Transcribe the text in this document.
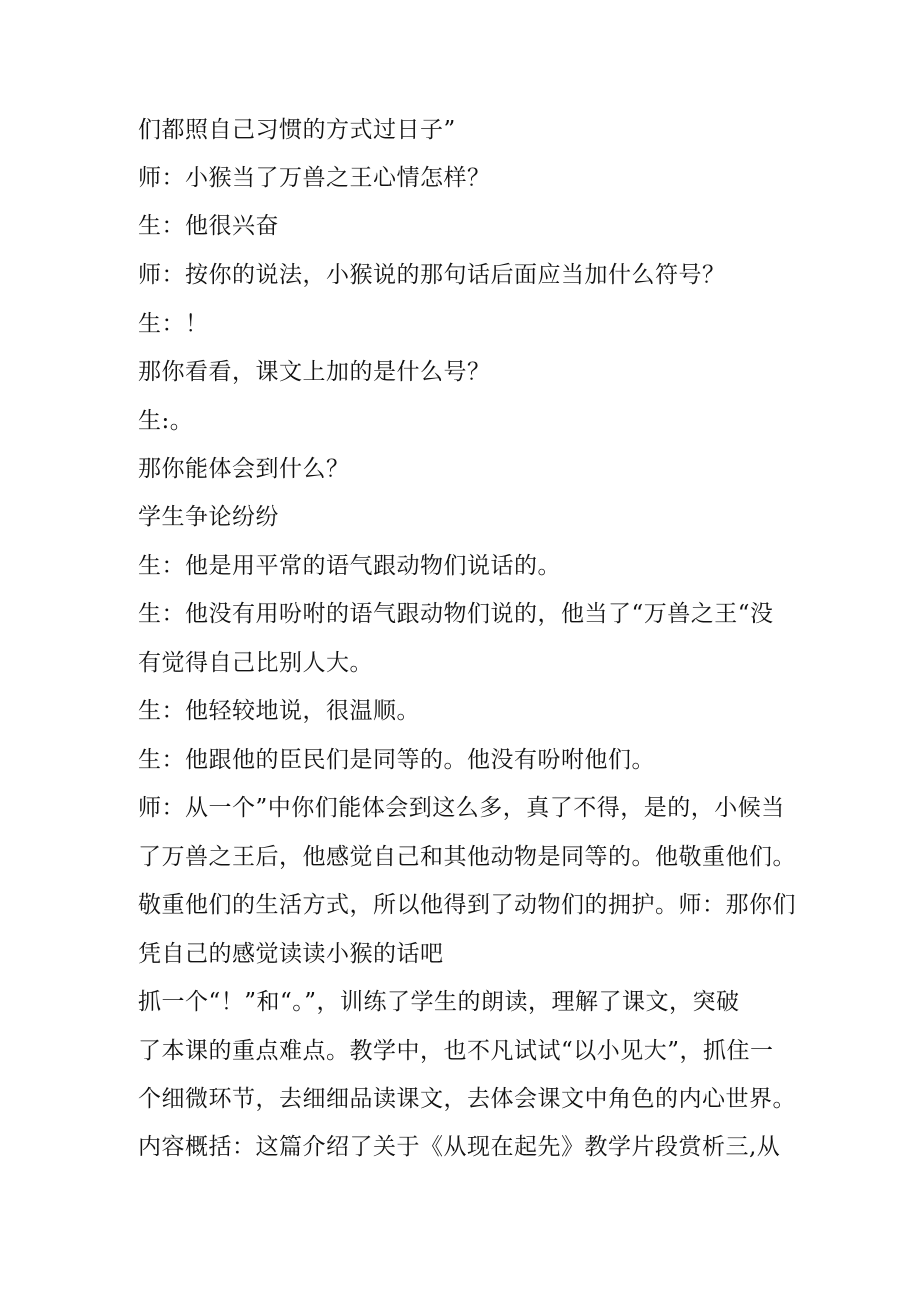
们都照自己习惯的方式过日子”
师：小猴当了万兽之王心情怎样？
生：他很兴奋
师：按你的说法，小猴说的那句话后面应当加什么符号？
生：！
那你看看，课文上加的是什么号？
生:。
那你能体会到什么？
学生争论纷纷
生：他是用平常的语气跟动物们说话的。
生：他没有用吩咐的语气跟动物们说的，他当了“万兽之王“没
有觉得自己比别人大。
生：他轻较地说，很温顺。
生：他跟他的臣民们是同等的。他没有吩咐他们。
师：从一个”中你们能体会到这么多，真了不得，是的，小候当
了万兽之王后，他感觉自己和其他动物是同等的。他敬重他们。
敬重他们的生活方式，所以他得到了动物们的拥护。师：那你们
凭自己的感觉读读小猴的话吧
抓一个“！”和“。”，训练了学生的朗读，理解了课文，突破
了本课的重点难点。教学中，也不凡试试“以小见大”，抓住一
个细微环节，去细细品读课文，去体会课文中角色的内心世界。
内容概括：这篇介绍了关于《从现在起先》教学片段赏析三,从
